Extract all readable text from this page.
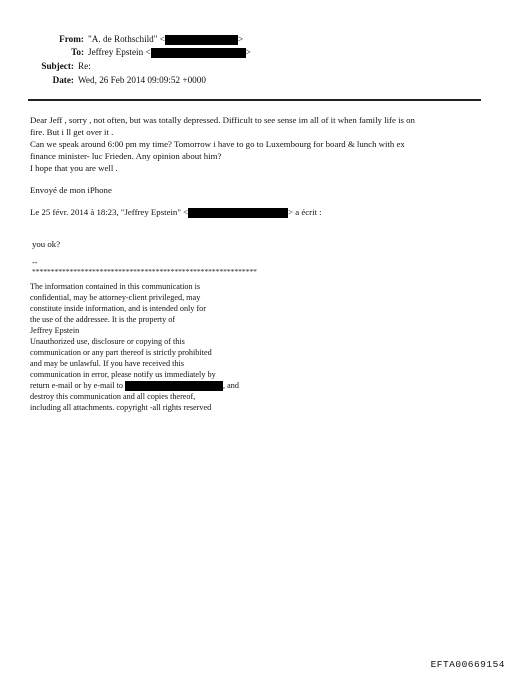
From: "A. de Rothschild" <	>
To: Jeffrey Epstein <	>
Subject: Re:
Date: Wed, 26 Feb 2014 09:09:52 +0000
Dear Jeff , sorry , not often, but was totally depressed. Difficult to see sense im all of it when family life is on
fire. But i ll get over it .
Can we speak around 6:00 pm my time? Tomorrow i have to go to Luxembourg for board & lunch with ex
finance minister- luc Frieden. Any opinion about him?
I hope that you are well .
Envoyé de mon iPhone
Le 25 févr. 2014 à 18:23, "Jeffrey Epstein" <	> a écrit :
you ok?
--
************************************************************
The information contained in this communication is
confidential, may be attorney-client privileged, may
constitute inside information, and is intended only for
the use of the addressee. It is the property of
Jeffrey Epstein
Unauthorized use, disclosure or copying of this
communication or any part thereof is strictly prohibited
and may be unlawful. If you have received this
communication in error, please notify us immediately by
return e-mail or by e-mail to	, and
destroy this communication and all copies thereof,
including all attachments. copyright -all rights reserved
EFTA00669154
